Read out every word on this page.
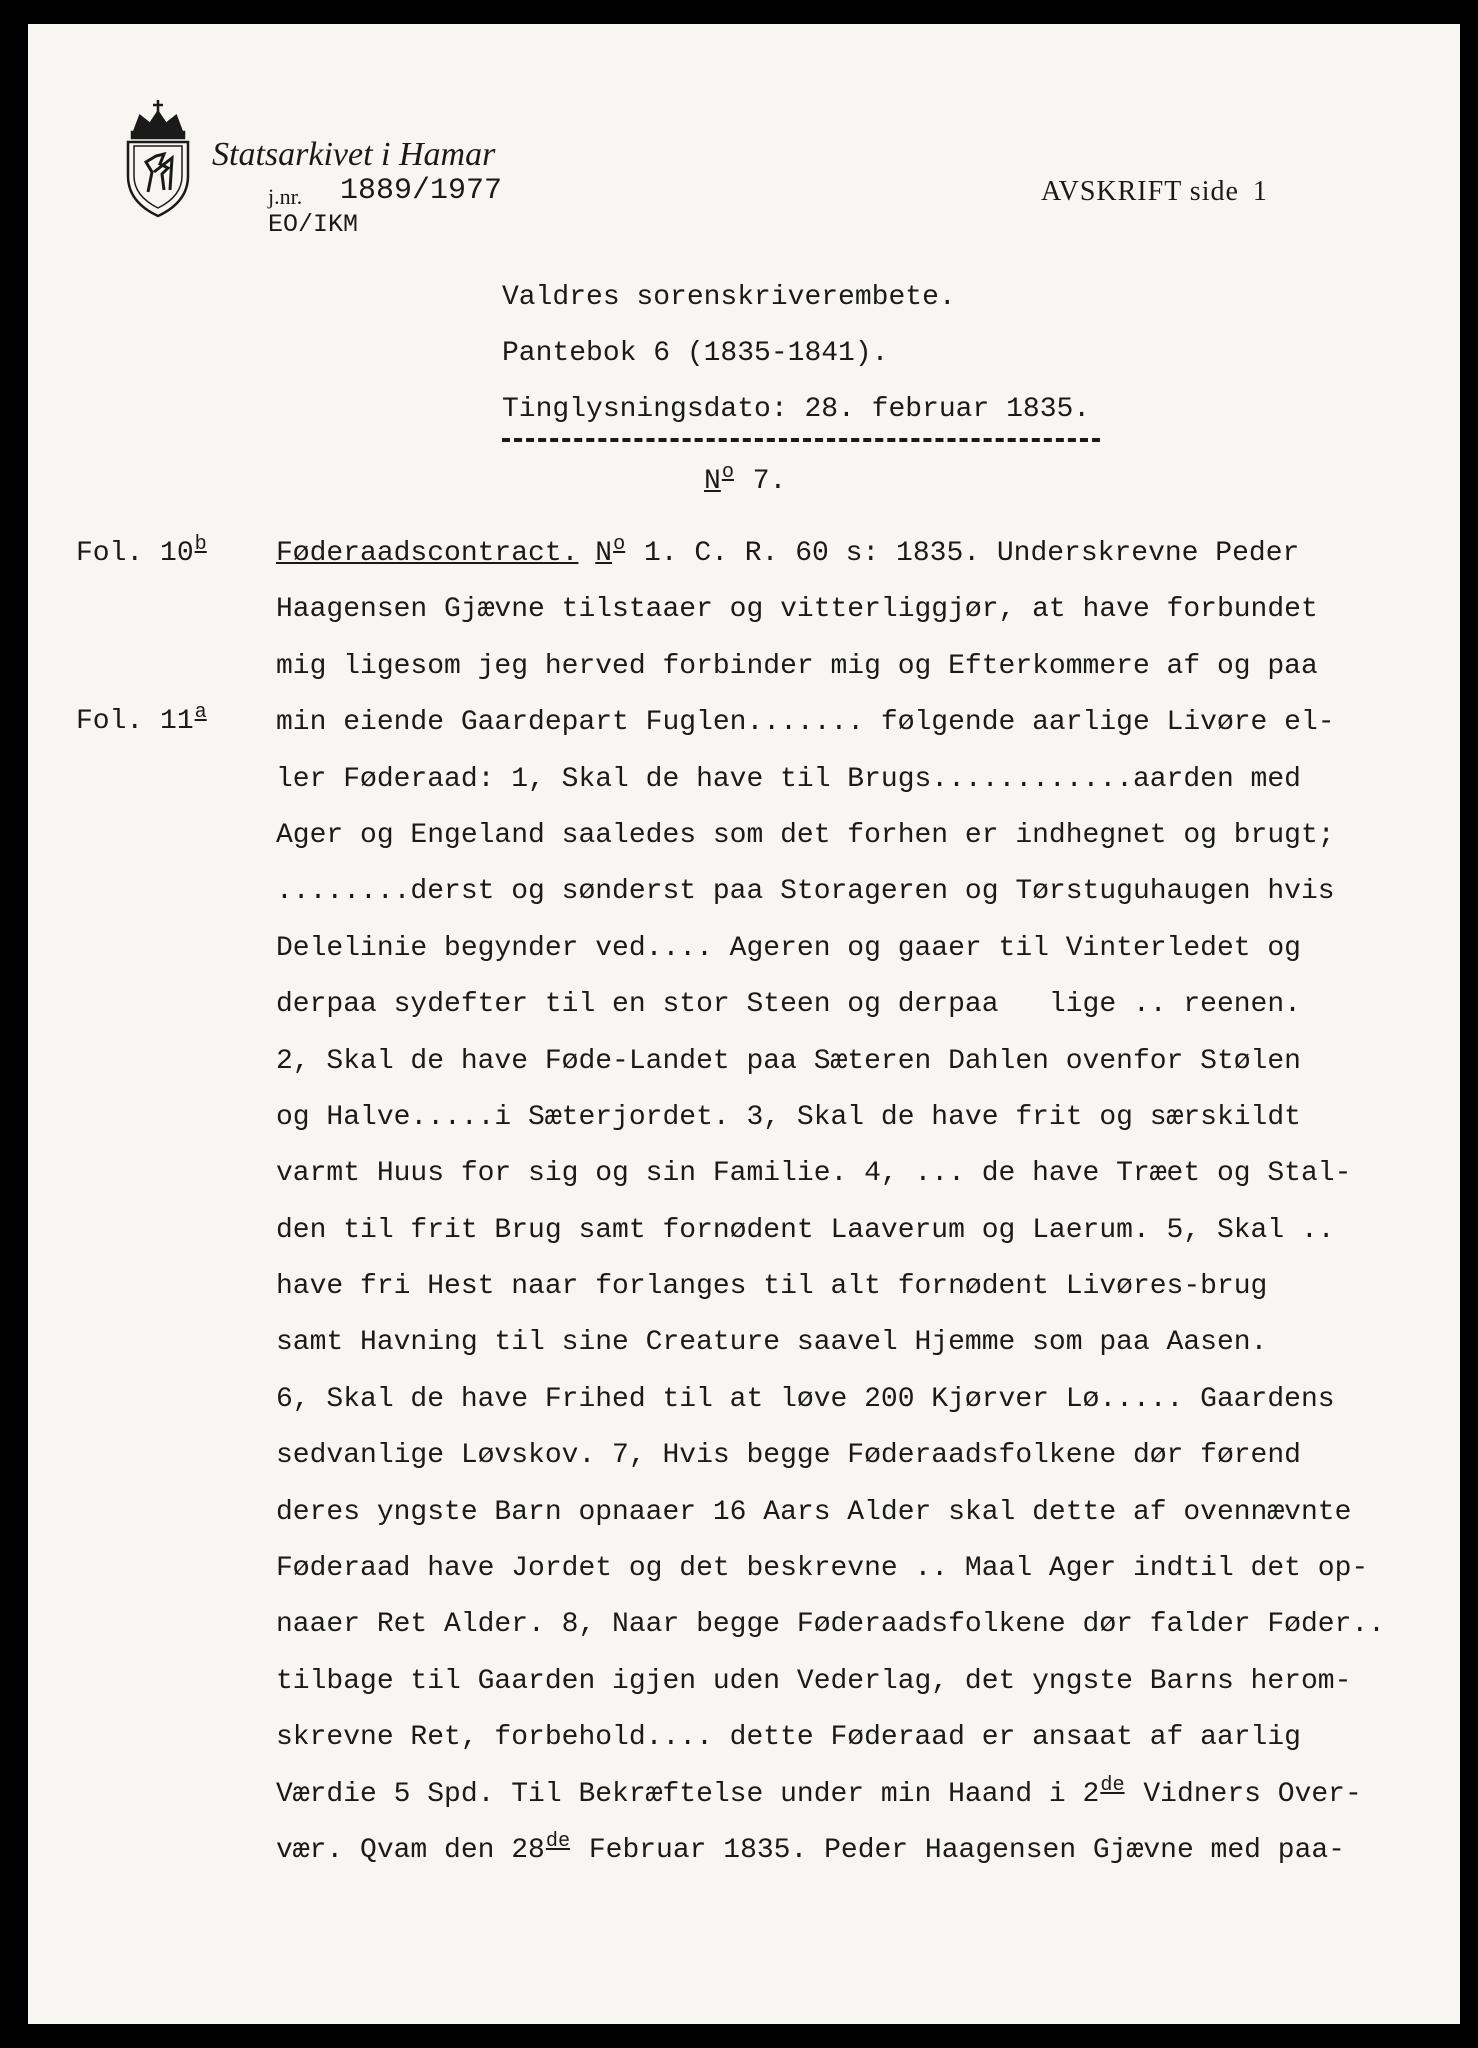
Statsarkivet i Hamar
j.nr. 1889/1977
EO/IKM
AVSKRIFT side 1
Valdres sorenskriverembete.
Pantebok 6 (1835-1841).
Tinglysningsdato: 28. februar 1835.
$N^o$ 7.
Fol. 10$^b$
Fol. 11$^a$
Føderaadscontract. $N^o$ 1. C. R. 60 s: 1835. Underskrevne Peder
Haagensen Gjævne tilstaaer og vitterliggjør, at have forbundet
mig ligesom jeg herved forbinder mig og Efterkommere af og paa
min eiende Gaardepart Fuglen....... følgende aarlige Livøre el-
ler Føderaad: 1, Skal de have til Brugs............aarden med
Ager og Engeland saaledes som det forhen er indhegnet og brugt;
........derst og sønderst paa Storageren og Tørstuguhaugen hvis
Delelinie begynder ved.... Ageren og gaaer til Vinterledet og
derpaa sydefter til en stor Steen og derpaa   lige .. reenen.
2, Skal de have Føde-Landet paa Sæteren Dahlen ovenfor Stølen
og Halve.....i Sæterjordet. 3, Skal de have frit og særskildt
varmt Huus for sig og sin Familie. 4, ... de have Træet og Stal-
den til frit Brug samt fornødent Laaverum og Laerum. 5, Skal ..
have fri Hest naar forlanges til alt fornødent Livøres-brug
samt Havning til sine Creature saavel Hjemme som paa Aasen.
6, Skal de have Frihed til at løve 200 Kjørver Lø..... Gaardens
sedvanlige Løvskov. 7, Hvis begge Føderaadsfolkene dør førend
deres yngste Barn opnaaer 16 Aars Alder skal dette af ovennævnte
Føderaad have Jordet og det beskrevne .. Maal Ager indtil det op-
naaer Ret Alder. 8, Naar begge Føderaadsfolkene dør falder Føder..
tilbage til Gaarden igjen uden Vederlag, det yngste Barns herom-
skrevne Ret, forbehold.... dette Føderaad er ansaat af aarlig
Værdie 5 Spd. Til Bekræftelse under min Haand i 2de Vidners Over-
vær. Qvam den 28de Februar 1835. Peder Haagensen Gjævne med paa-
